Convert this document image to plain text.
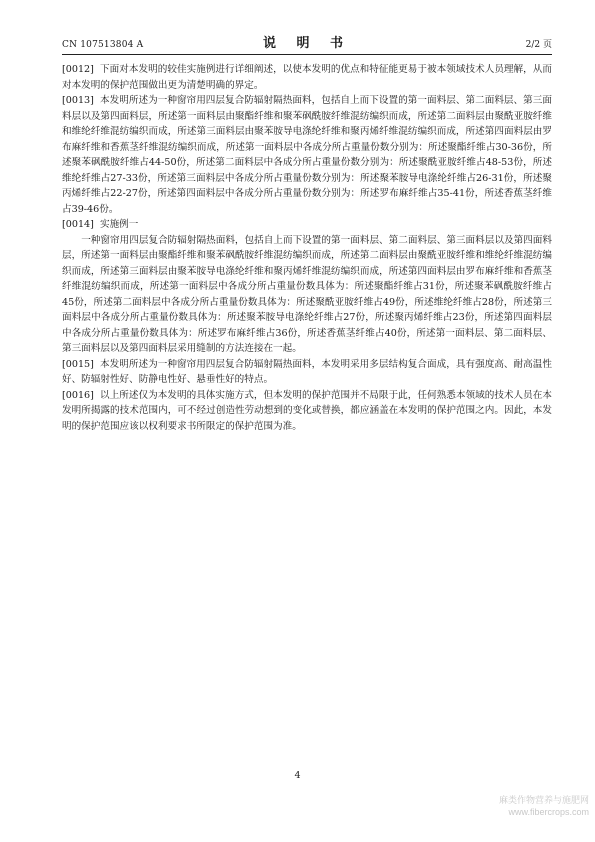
CN 107513804 A	说 明 书	2/2 页

[0012] 下面对本发明的较佳实施例进行详细阐述，以使本发明的优点和特征能更易于被本领域技术人员理解，从而对本发明的保护范围做出更为清楚明确的界定。

[0013] 本发明所述为一种窗帘用四层复合防辐射隔热面料，包括自上而下设置的第一面料层、第二面料层、第三面料层以及第四面料层，所述第一面料层由聚酯纤维和聚苯砜酰胺纤维混纺编织而成，所述第二面料层由聚酰亚胺纤维和维纶纤维混纺编织而成，所述第三面料层由聚苯胺导电涤纶纤维和聚丙烯纤维混纺编织而成，所述第四面料层由罗布麻纤维和香蕉茎纤维混纺编织而成，所述第一面料层中各成分所占重量份数分别为：所述聚酯纤维占30-36份，所述聚苯砜酰胺纤维占44-50份，所述第二面料层中各成分所占重量份数分别为：所述聚酰亚胺纤维占48-53份，所述维纶纤维占27-33份，所述第三面料层中各成分所占重量份数分别为：所述聚苯胺导电涤纶纤维占26-31份，所述聚丙烯纤维占22-27份，所述第四面料层中各成分所占重量份数分别为：所述罗布麻纤维占35-41份，所述香蕉茎纤维占39-46份。

[0014] 实施例一

一种窗帘用四层复合防辐射隔热面料，包括自上而下设置的第一面料层、第二面料层、第三面料层以及第四面料层，所述第一面料层由聚酯纤维和聚苯砜酰胺纤维混纺编织而成，所述第二面料层由聚酰亚胺纤维和维纶纤维混纺编织而成，所述第三面料层由聚苯胺导电涤纶纤维和聚丙烯纤维混纺编织而成，所述第四面料层由罗布麻纤维和香蕉茎纤维混纺编织而成，所述第一面料层中各成分所占重量份数具体为：所述聚酯纤维占31份，所述聚苯砜酰胺纤维占45份，所述第二面料层中各成分所占重量份数具体为：所述聚酰亚胺纤维占49份，所述维纶纤维占28份，所述第三面料层中各成分所占重量份数具体为：所述聚苯胺导电涤纶纤维占27份，所述聚丙烯纤维占23份，所述第四面料层中各成分所占重量份数具体为：所述罗布麻纤维占36份，所述香蕉茎纤维占40份，所述第一面料层、第二面料层、第三面料层以及第四面料层采用缝制的方法连接在一起。

[0015] 本发明所述为一种窗帘用四层复合防辐射隔热面料，本发明采用多层结构复合面成，具有强度高、耐高温性好、防辐射性好、防静电性好、悬垂性好的特点。

[0016] 以上所述仅为本发明的具体实施方式，但本发明的保护范围并不局限于此，任何熟悉本领域的技术人员在本发明所揭露的技术范围内，可不经过创造性劳动想到的变化或替换，都应涵盖在本发明的保护范围之内。因此，本发明的保护范围应该以权利要求书所限定的保护范围为准。

4
麻类作物营养与施肥网
www.fibercrops.com
